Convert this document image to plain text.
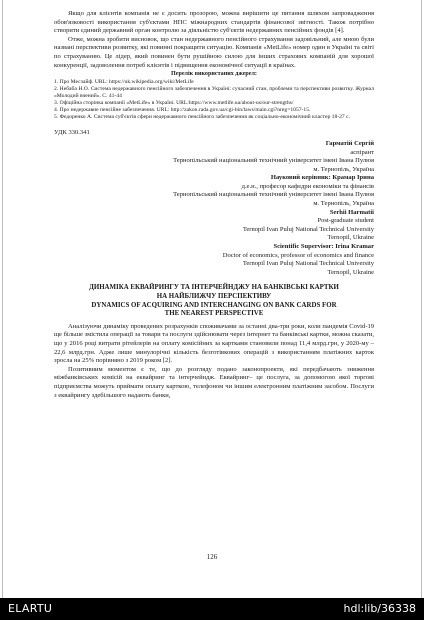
Якщо для клієнтів компанія не є досить прозорою, можна вирішити це питання шляхом запровадження обов'язковості використання суб'єктами НПС міжнародних стандартів фінансової звітності. Також потрібно створити єдиний державний орган контролю за діяльністю суб'єктів недержавних пенсійних фондів [4].

Отже, можна зробити висновок, що стан недержавного пенсійного страхування задовільний, але мною були названі перспективи розвитку, які повинні покращити ситуацію. Компанія «MetLife» номер один в Україні та світі по страхуванню. Це лідер, який повинен бути рушійною силою для інших страхових компаній для хорошої конкуренції, задоволення потреб клієнтів і підвищення економічної ситуації в країнах.

Перелік використаних джерел:

1. Про Месзайф. URL: https://uk.wikipedia.org/wiki/MetLife

2. Небаба Н.О. Система недержавного пенсійного забезпечення в Україні: сучасний стан, проблеми та перспективи розвитку. Журнал «Молодий вчений». С. 41-44

3. Офіційна сторінка компанії «MetLife» в Україні. URL:https://www.metlife.ua/about-us/our-strengths/

4. Про недержавне пенсійне забезпечення. URL: http://zakon.rada.gov.ua/cgi-bin/laws/main.cgi?nreg=1057-15.

5. Федоренко А. Система суб'єктів сфери недержавного пенсійного забезпечення як соціально-економічний кластер 18-27 с.

УДК 330.341

Гарматій Сергій

аспірант

Тернопільський національний технічний університет імені Івана Пулюя

м. Тернопіль, Україна

Науковий керівник: Крамар Ірина

д.е.н., професор кафедри економіки та фінансів

Тернопільський національний технічний університет імені Івана Пулюя

м. Тернопіль, Україна

Serhii Harmatii

Post-graduate student

Ternopil Ivan Puluj National Technical University

Ternopil, Ukraine

Scientific Supervisor: Irina Kramar

Doctor of economics, professor of economics and finance

Ternopil Ivan Puluj National Technical University

Ternopil, Ukraine

ДИНАМІКА ЕКВАЙРИНГУ ТА ІНТЕРЧЕЙНДЖУ НА БАНКІВСЬКІ КАРТКИ

НА НАЙБЛИЖЧУ ПЕРСПЕКТИВУ

DYNAMICS OF ACQUIRING AND INTERCHANGING ON BANK CARDS FOR

THE NEAREST PERSPECTIVE

Аналізуючи динаміку проведених розрахунків споживачами за останні два-три роки, коли пандемія Covid-19 ще більше змістила операції за товари та послуги здійснювати через інтернет та банківські картки, можна сказати, що у 2016 році витрати рітейлерів на оплату комісійних за картками становили понад 11,4 млрд.грн, у 2020-му – 22,6 млрд.грн. Адже лише минулорічні кількість безготівкових операцій з використанням платіжних карток зросла на 25% порівняно з 2019 роком [2].

Позитивним моментом є те, що до розгляду подано законопроекти, які передбачають зниження міжбанківських комісій на еквайринг та інтерчейндж. Еквайринг– це послуга, за допомогою якої торгові підприємства можуть приймати оплату карткою, телефоном чи іншим електронним платіжним засобом. Послуги з еквайрингу здебільшого надають банки,

126
ELARTU	hdl:lib/36338
